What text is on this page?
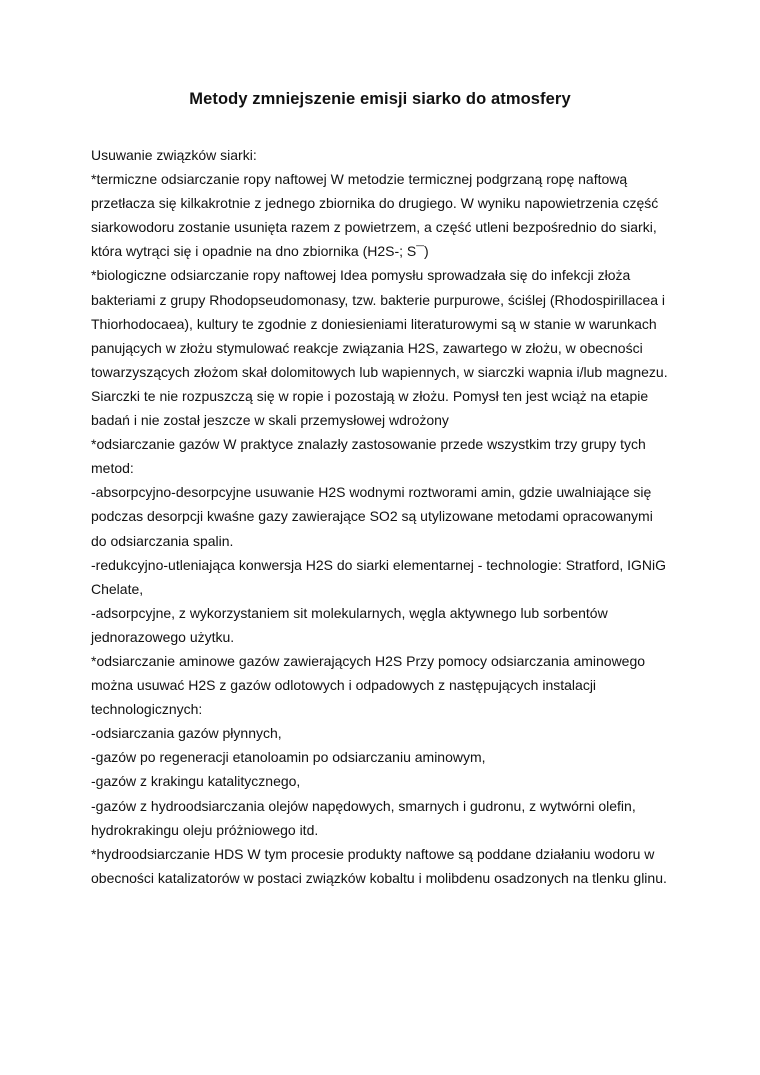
Metody zmniejszenie emisji siarko do atmosfery
Usuwanie związków siarki:
*termiczne odsiarczanie ropy naftowej W metodzie termicznej podgrzaną ropę naftową
przetłacza się kilkakrotnie z jednego zbiornika do drugiego. W wyniku napowietrzenia część
siarkowodoru zostanie usunięta razem z powietrzem, a część utleni bezpośrednio do siarki,
która wytrąci się i opadnie na dno zbiornika (H2S-; S¯)
*biologiczne odsiarczanie ropy naftowej Idea pomysłu sprowadzała się do infekcji złoża
bakteriami z grupy Rhodopseudomonasy, tzw. bakterie purpurowe, ściślej (Rhodospirillacea i
Thiorhodocaea), kultury te zgodnie z doniesieniami literaturowymi są w stanie w warunkach
panujących w złożu stymulować reakcje związania H2S, zawartego w złożu, w obecności
towarzyszących złożom skał dolomitowych lub wapiennych, w siarczki wapnia i/lub magnezu.
Siarczki te nie rozpuszczą się w ropie i pozostają w złożu. Pomysł ten jest wciąż na etapie
badań i nie został jeszcze w skali przemysłowej wdrożony
*odsiarczanie gazów W praktyce znalazły zastosowanie przede wszystkim trzy grupy tych
metod:
-absorpcyjno-desorpcyjne usuwanie H2S wodnymi roztworami amin, gdzie uwalniające się
podczas desorpcji kwaśne gazy zawierające SO2 są utylizowane metodami opracowanymi
do odsiarczania spalin.
-redukcyjno-utleniająca konwersja H2S do siarki elementarnej - technologie: Stratford, IGNiG
Chelate,
-adsorpcyjne, z wykorzystaniem sit molekularnych, węgla aktywnego lub sorbentów
jednorazowego użytku.
*odsiarczanie aminowe gazów zawierających H2S Przy pomocy odsiarczania aminowego
można usuwać H2S z gazów odlotowych i odpadowych z następujących instalacji
technologicznych:
-odsiarczania gazów płynnych,
-gazów po regeneracji etanoloamin po odsiarczaniu aminowym,
-gazów z krakingu katalitycznego,
-gazów z hydroodsiarczania olejów napędowych, smarnych i gudronu, z wytwórni olefin,
hydrokrakingu oleju próżniowego itd.
*hydroodsiarczanie HDS W tym procesie produkty naftowe są poddane działaniu wodoru w
obecności katalizatorów w postaci związków kobaltu i molibdenu osadzonych na tlenku glinu.
